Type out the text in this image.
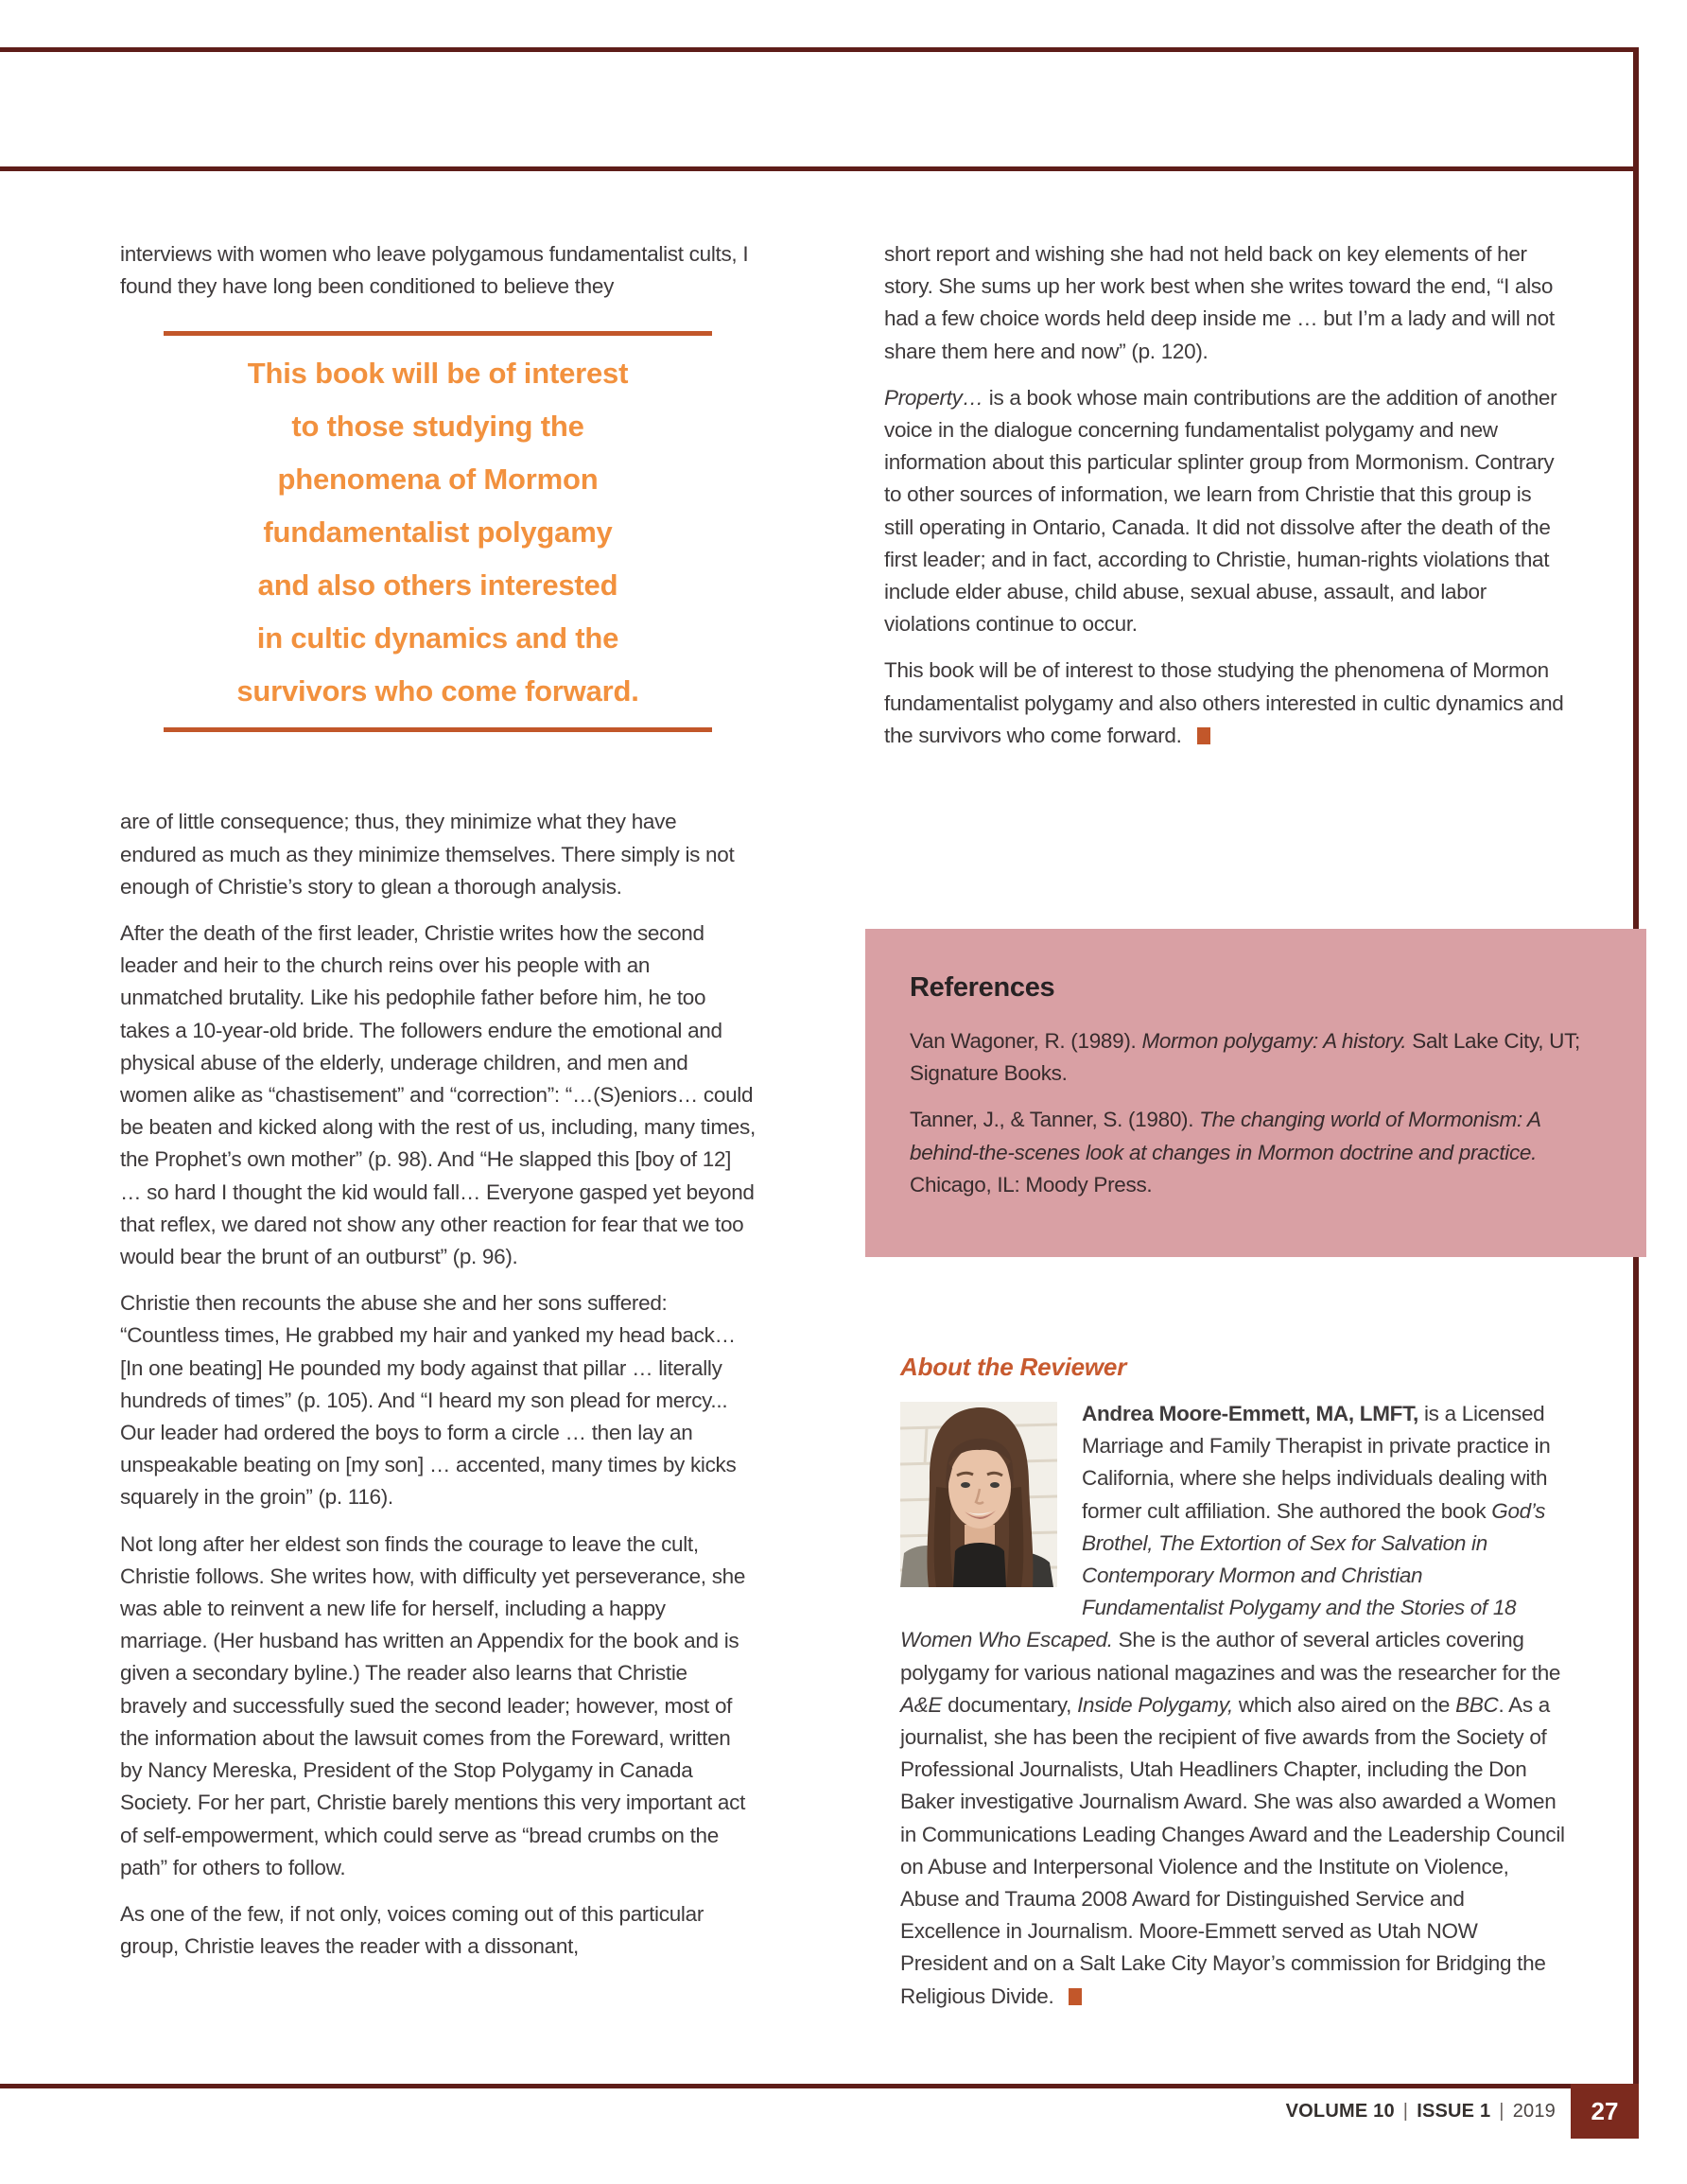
interviews with women who leave polygamous fundamentalist cults, I found they have long been conditioned to believe they

This book will be of interest
to those studying the
phenomena of Mormon
fundamentalist polygamy
and also others interested
in cultic dynamics and the
survivors who come forward.

are of little consequence; thus, they minimize what they have endured as much as they minimize themselves. There simply is not enough of Christie’s story to glean a thorough analysis.

After the death of the first leader, Christie writes how the second leader and heir to the church reins over his people with an unmatched brutality. Like his pedophile father before him, he too takes a 10-year-old bride. The followers endure the emotional and physical abuse of the elderly, underage children, and men and women alike as “chastisement” and “correction”: “…(S)eniors… could be beaten and kicked along with the rest of us, including, many times, the Prophet’s own mother” (p. 98). And “He slapped this [boy of 12] … so hard I thought the kid would fall… Everyone gasped yet beyond that reflex, we dared not show any other reaction for fear that we too would bear the brunt of an outburst” (p. 96).

Christie then recounts the abuse she and her sons suffered: “Countless times, He grabbed my hair and yanked my head back… [In one beating] He pounded my body against that pillar … literally hundreds of times” (p. 105). And “I heard my son plead for mercy... Our leader had ordered the boys to form a circle … then lay an unspeakable beating on [my son] … accented, many times by kicks squarely in the groin” (p. 116).

Not long after her eldest son finds the courage to leave the cult, Christie follows. She writes how, with difficulty yet perseverance, she was able to reinvent a new life for herself, including a happy marriage. (Her husband has written an Appendix for the book and is given a secondary byline.) The reader also learns that Christie bravely and successfully sued the second leader; however, most of the information about the lawsuit comes from the Foreward, written by Nancy Mereska, President of the Stop Polygamy in Canada Society. For her part, Christie barely mentions this very important act of self-empowerment, which could serve as “bread crumbs on the path” for others to follow.

As one of the few, if not only, voices coming out of this particular group, Christie leaves the reader with a dissonant,

short report and wishing she had not held back on key elements of her story. She sums up her work best when she writes toward the end, “I also had a few choice words held deep inside me … but I’m a lady and will not share them here and now” (p. 120).

Property… is a book whose main contributions are the addition of another voice in the dialogue concerning fundamentalist polygamy and new information about this particular splinter group from Mormonism. Contrary to other sources of information, we learn from Christie that this group is still operating in Ontario, Canada. It did not dissolve after the death of the first leader; and in fact, according to Christie, human-rights violations that include elder abuse, child abuse, sexual abuse, assault, and labor violations continue to occur.

This book will be of interest to those studying the phenomena of Mormon fundamentalist polygamy and also others interested in cultic dynamics and the survivors who come forward.

References
Van Wagoner, R. (1989). Mormon polygamy: A history. Salt Lake City, UT; Signature Books.
Tanner, J., & Tanner, S. (1980). The changing world of Mormonism: A behind-the-scenes look at changes in Mormon doctrine and practice. Chicago, IL: Moody Press.
About the Reviewer
Andrea Moore-Emmett, MA, LMFT, is a Licensed Marriage and Family Therapist in private practice in California, where she helps individuals dealing with former cult affiliation. She authored the book God’s Brothel, The Extortion of Sex for Salvation in Contemporary Mormon and Christian Fundamentalist Polygamy and the Stories of 18 Women Who Escaped. She is the author of several articles covering polygamy for various national magazines and was the researcher for the A&E documentary, Inside Polygamy, which also aired on the BBC. As a journalist, she has been the recipient of five awards from the Society of Professional Journalists, Utah Headliners Chapter, including the Don Baker investigative Journalism Award. She was also awarded a Women in Communications Leading Changes Award and the Leadership Council on Abuse and Interpersonal Violence and the Institute on Violence, Abuse and Trauma 2008 Award for Distinguished Service and Excellence in Journalism. Moore-Emmett served as Utah NOW President and on a Salt Lake City Mayor’s commission for Bridging the Religious Divide.
VOLUME 10 | ISSUE 1 | 2019 27
